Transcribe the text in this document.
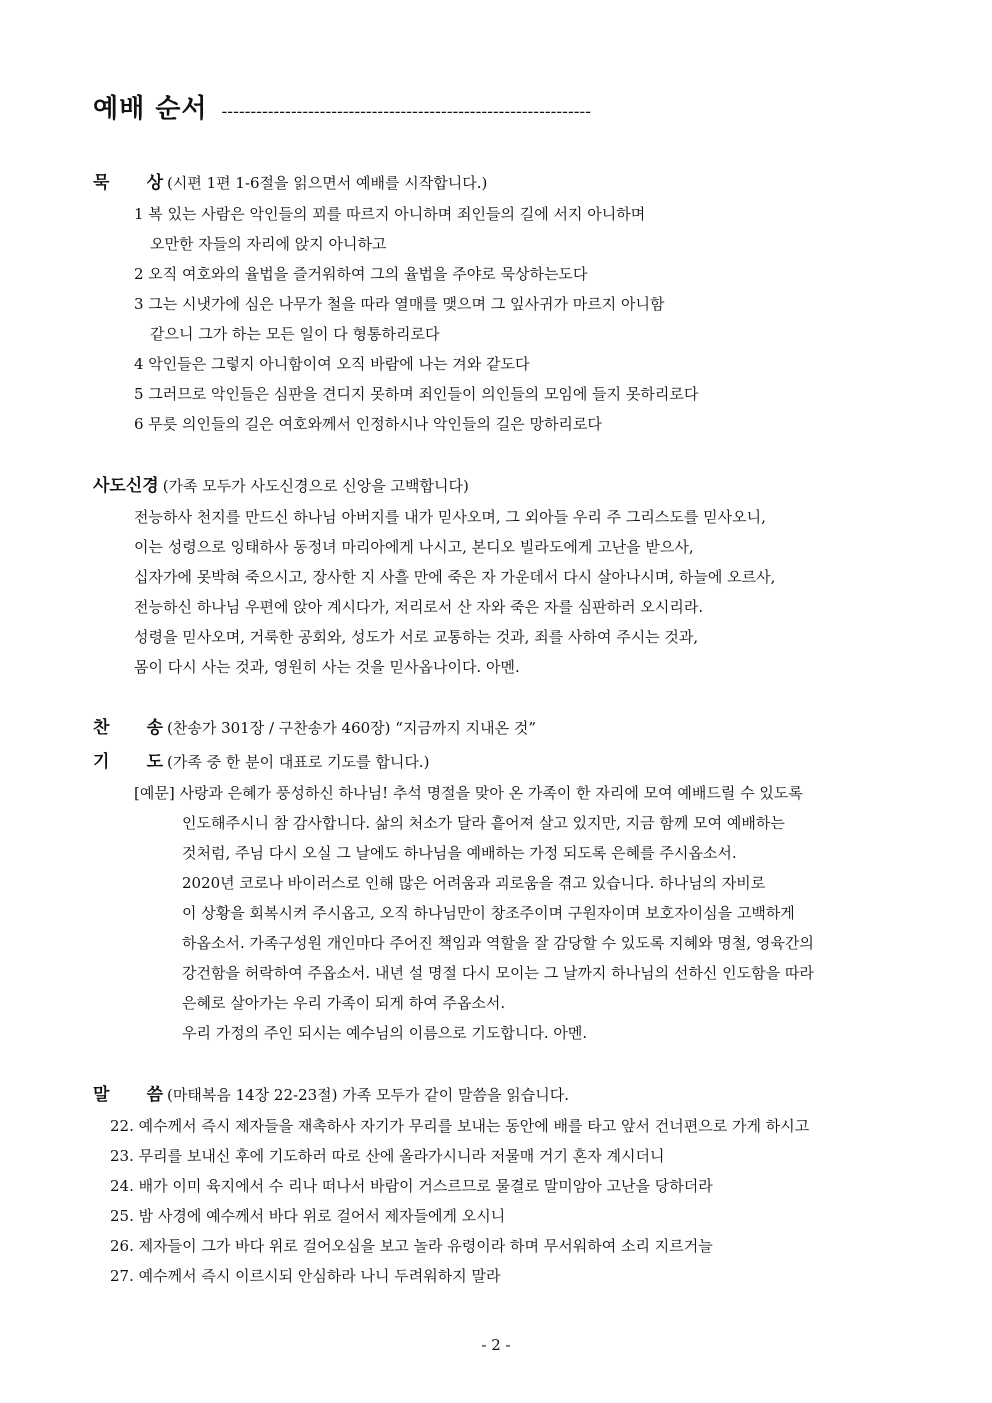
예배 순서 ----------------------------------------------------------------
묵 상 (시편 1편 1-6절을 읽으면서 예배를 시작합니다.)
1 복 있는 사람은 악인들의 꾀를 따르지 아니하며 죄인들의 길에 서지 아니하며
오만한 자들의 자리에 앉지 아니하고
2 오직 여호와의 율법을 즐거워하여 그의 율법을 주야로 묵상하는도다
3 그는 시냇가에 심은 나무가 철을 따라 열매를 맺으며 그 잎사귀가 마르지 아니함
같으니 그가 하는 모든 일이 다 형통하리로다
4 악인들은 그렇지 아니함이여 오직 바람에 나는 겨와 같도다
5 그러므로 악인들은 심판을 견디지 못하며 죄인들이 의인들의 모임에 들지 못하리로다
6 무릇 의인들의 길은 여호와께서 인정하시나 악인들의 길은 망하리로다
사도신경 (가족 모두가 사도신경으로 신앙을 고백합니다)
전능하사 천지를 만드신 하나님 아버지를 내가 믿사오며, 그 외아들 우리 주 그리스도를 믿사오니,
이는 성령으로 잉태하사 동정녀 마리아에게 나시고, 본디오 빌라도에게 고난을 받으사,
십자가에 못박혀 죽으시고, 장사한 지 사흘 만에 죽은 자 가운데서 다시 살아나시며, 하늘에 오르사,
전능하신 하나님 우편에 앉아 계시다가, 저리로서 산 자와 죽은 자를 심판하러 오시리라.
성령을 믿사오며, 거룩한 공회와, 성도가 서로 교통하는 것과, 죄를 사하여 주시는 것과,
몸이 다시 사는 것과, 영원히 사는 것을 믿사옵나이다. 아멘.
찬 송 (찬송가 301장 / 구찬송가 460장) “지금까지 지내온 것”
기 도 (가족 중 한 분이 대표로 기도를 합니다.)
[예문] 사랑과 은혜가 풍성하신 하나님! 추석 명절을 맞아 온 가족이 한 자리에 모여 예배드릴 수 있도록
인도해주시니 참 감사합니다. 삶의 처소가 달라 흩어져 살고 있지만, 지금 함께 모여 예배하는
것처럼, 주님 다시 오실 그 날에도 하나님을 예배하는 가정 되도록 은혜를 주시옵소서.
2020년 코로나 바이러스로 인해 많은 어려움과 괴로움을 겪고 있습니다. 하나님의 자비로
이 상황을 회복시켜 주시옵고, 오직 하나님만이 창조주이며 구원자이며 보호자이심을 고백하게
하옵소서. 가족구성원 개인마다 주어진 책임과 역할을 잘 감당할 수 있도록 지혜와 명철, 영육간의
강건함을 허락하여 주옵소서. 내년 설 명절 다시 모이는 그 날까지 하나님의 선하신 인도함을 따라
은혜로 살아가는 우리 가족이 되게 하여 주옵소서.
우리 가정의 주인 되시는 예수님의 이름으로 기도합니다. 아멘.
말 씀 (마태복음 14장 22-23절) 가족 모두가 같이 말씀을 읽습니다.
22. 예수께서 즉시 제자들을 재촉하사 자기가 무리를 보내는 동안에 배를 타고 앞서 건너편으로 가게 하시고
23. 무리를 보내신 후에 기도하러 따로 산에 올라가시니라 저물매 거기 혼자 계시더니
24. 배가 이미 육지에서 수 리나 떠나서 바람이 거스르므로 물결로 말미암아 고난을 당하더라
25. 밤 사경에 예수께서 바다 위로 걸어서 제자들에게 오시니
26. 제자들이 그가 바다 위로 걸어오심을 보고 놀라 유령이라 하며 무서워하여 소리 지르거늘
27. 예수께서 즉시 이르시되 안심하라 나니 두려워하지 말라
- 2 -
